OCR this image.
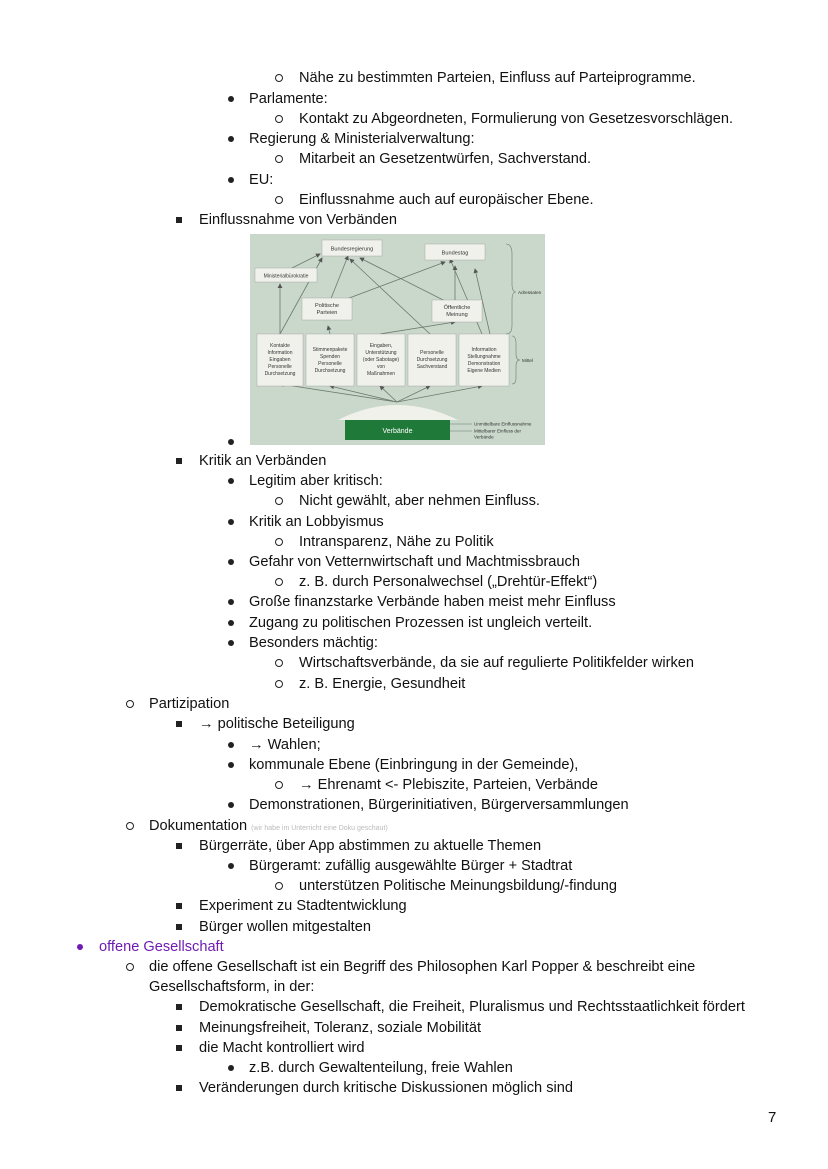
Nähe zu bestimmten Parteien, Einfluss auf Parteiprogramme.
Parlamente:
Kontakt zu Abgeordneten, Formulierung von Gesetzesvorschlägen.
Regierung & Ministerialverwaltung:
Mitarbeit an Gesetzentwürfen, Sachverstand.
EU:
Einflussnahme auch auf europäischer Ebene.
Einflussnahme von Verbänden
Bundesregierung
Bundestag
Ministerialbürokratie
Politische
Parteien
Öffentliche
Meinung
Kontakte
Information
Eingaben
Personelle
Durchsetzung
Stimmenpakete
Spenden
Personelle
Durchsetzung
Eingaben,
Unterstützung
(oder Sabotage)
von
Maßnahmen
Personelle
Durchsetzung
Sachverstand
Information
Stellungnahme
Demonstration
Eigene Medien
Verbände
Adressaten
Mittel
Unmittelbare Einflussnahme
Mittelbarer Einfluss der
Verbände
Kritik an Verbänden
Legitim aber kritisch:
Nicht gewählt, aber nehmen Einfluss.
Kritik an Lobbyismus
Intransparenz, Nähe zu Politik
Gefahr von Vetternwirtschaft und Machtmissbrauch
z. B. durch Personalwechsel („Drehtür-Effekt“)
Große finanzstarke Verbände haben meist mehr Einfluss
Zugang zu politischen Prozessen ist ungleich verteilt.
Besonders mächtig:
Wirtschaftsverbände, da sie auf regulierte Politikfelder wirken
z. B. Energie, Gesundheit
Partizipation
→ politische Beteiligung
→ Wahlen;
kommunale Ebene (Einbringung in der Gemeinde),
→ Ehrenamt <- Plebiszite, Parteien, Verbände
Demonstrationen, Bürgerinitiativen, Bürgerversammlungen
Dokumentation (wir habe im Unterricht eine Doku geschaut)
Bürgerräte, über App abstimmen zu aktuelle Themen
Bürgeramt: zufällig ausgewählte Bürger + Stadtrat
unterstützen Politische Meinungsbildung/-findung
Experiment zu Stadtentwicklung
Bürger wollen mitgestalten
offene Gesellschaft
die offene Gesellschaft ist ein Begriff des Philosophen Karl Popper & beschreibt eine
Gesellschaftsform, in der:
Demokratische Gesellschaft, die Freiheit, Pluralismus und Rechtsstaatlichkeit fördert
Meinungsfreiheit, Toleranz, soziale Mobilität
die Macht kontrolliert wird
z.B. durch Gewaltenteilung, freie Wahlen
Veränderungen durch kritische Diskussionen möglich sind
7
